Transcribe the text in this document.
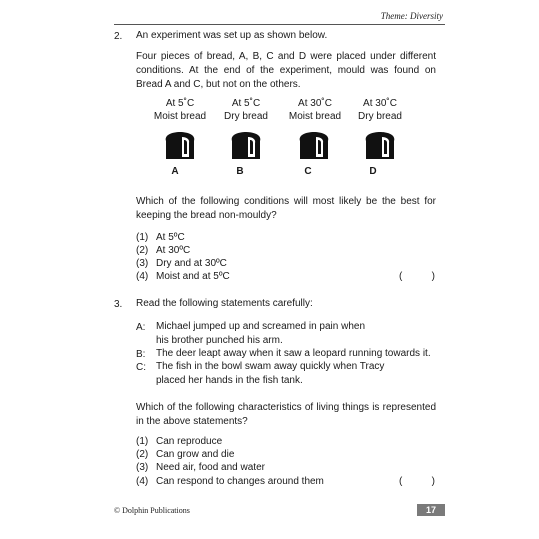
Theme: Diversity
2. An experiment was set up as shown below.
Four pieces of bread, A, B, C and D were placed under different conditions. At the end of the experiment, mould was found on Bread A and C, but not on the others.
At 5˚C
Moist bread
At 5˚C
Dry bread
At 30˚C
Moist bread
At 30˚C
Dry bread
A	B	C	D
Which of the following conditions will most likely be the best for keeping the bread non-mouldy?
(1) At 5ºC
(2) At 30ºC
(3) Dry and at 30ºC
(4) Moist and at 5ºC	(	)
3. Read the following statements carefully:
A: Michael jumped up and screamed in pain when
his brother punched his arm.
B: The deer leapt away when it saw a leopard running towards it.
C: The fish in the bowl swam away quickly when Tracy
placed her hands in the fish tank.
Which of the following characteristics of living things is represented in the above statements?
(1) Can reproduce
(2) Can grow and die
(3) Need air, food and water
(4) Can respond to changes around them	(	)
© Dolphin Publications	17
